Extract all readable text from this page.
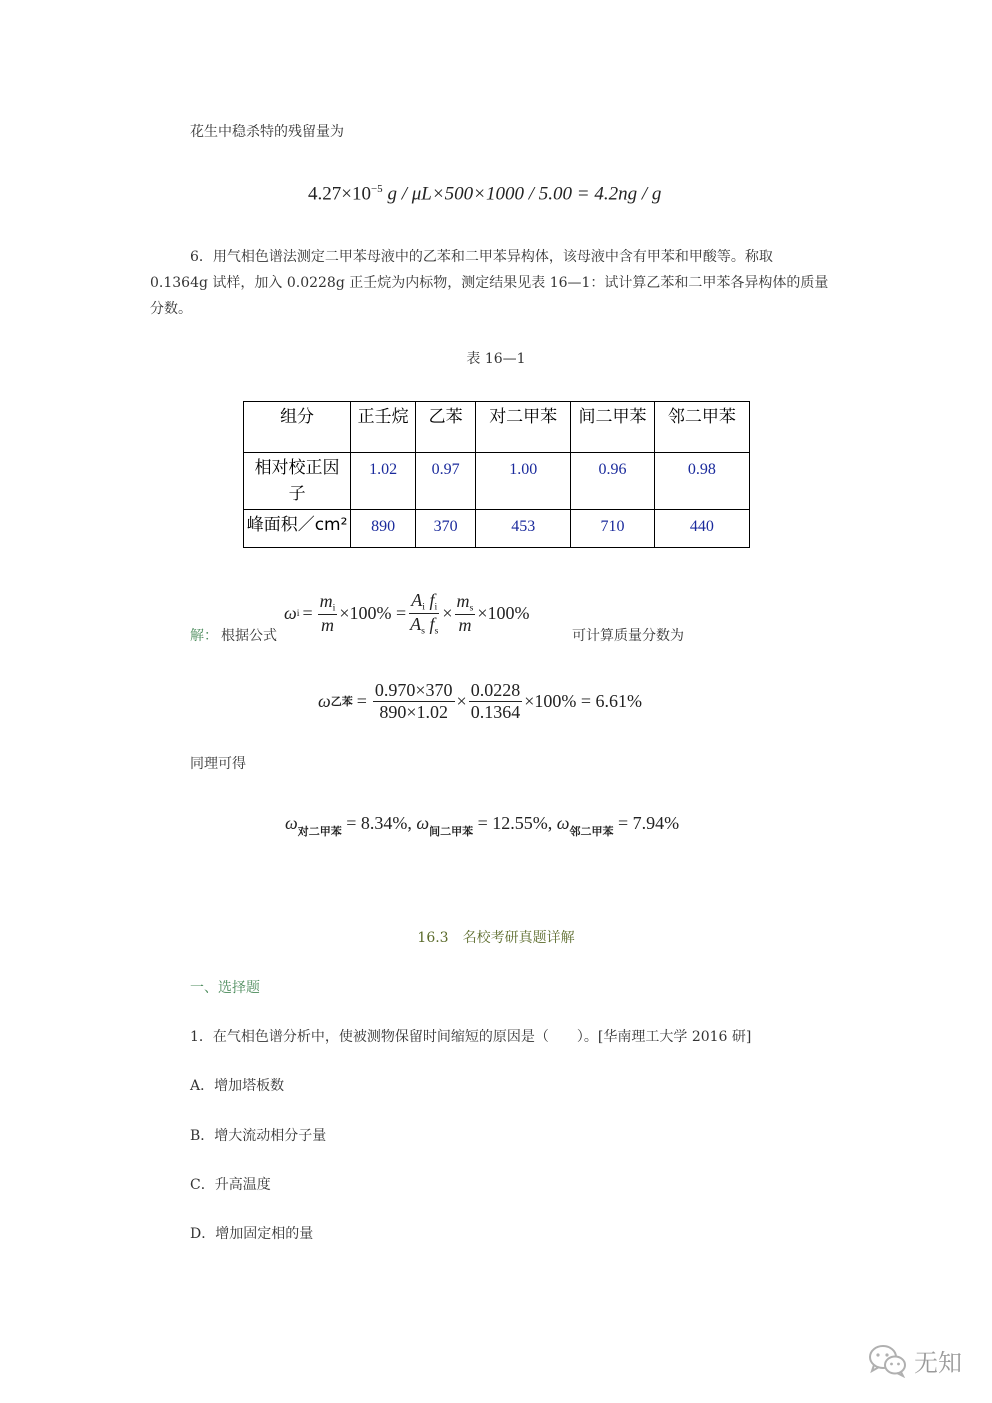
花生中稳杀特的残留量为
$4.27\times 10^{-5}$ g / μL×500×1000 / 5.00 = 4.2ng / g
6．用气相色谱法测定二甲苯母液中的乙苯和二甲苯异构体，该母液中含有甲苯和甲酸等。称取
0.1364g 试样，加入 0.0228g 正壬烷为内标物，测定结果见表 16—1：试计算乙苯和二甲苯各异构体的质量
分数。
表 16—1
组分	正壬烷	乙苯	对二甲苯	间二甲苯	邻二甲苯
相对校正因子	1.02	0.97	1.00	0.96	0.98
峰面积／cm²	890	370	453	710	440
解： 根据公式
ω $i = \frac{m_i}{m} \times 100\% = \frac{A_i f_i}{A_s f_s} \times \frac{m_s}{m} \times 100\%$
可计算质量分数为
ω 乙苯 = $\frac{0.970\times 370}{890\times 1.02} \times \frac{0.0228}{0.1364} \times 100\% = 6.61\%$
同理可得
$\omega_{对二甲苯} = 8.34\%$, $\omega_{间二甲苯} = 12.55\%$, $\omega_{邻二甲苯} = 7.94\%$
16.3　名校考研真题详解
一、选择题
1．在气相色谱分析中，使被测物保留时间缩短的原因是（　　）。[华南理工大学 2016 研]
A．增加塔板数
B．增大流动相分子量
C．升高温度
D．增加固定相的量
无知
